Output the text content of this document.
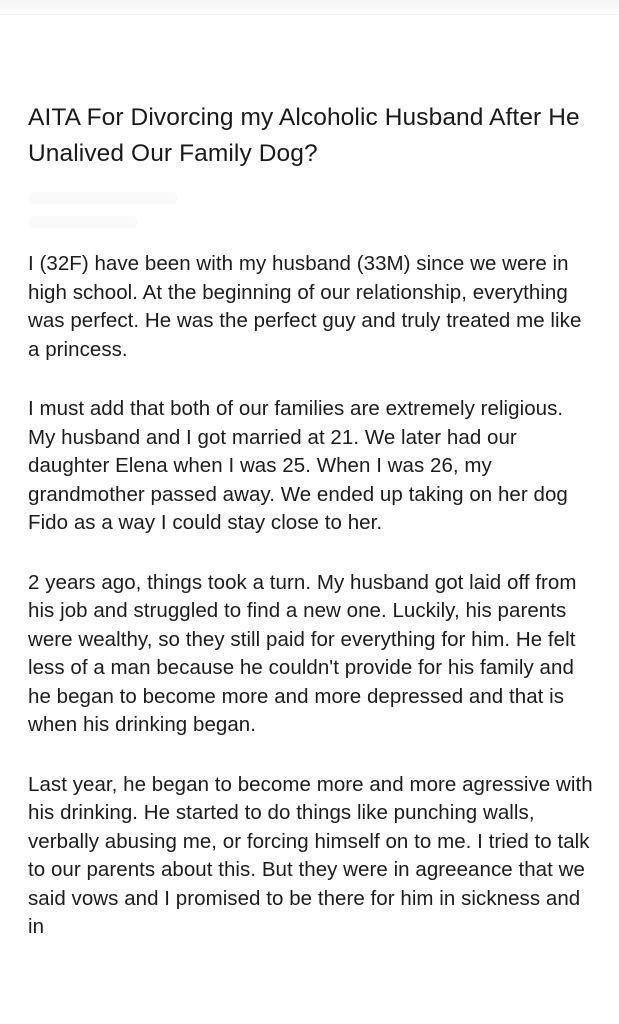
AITA For Divorcing my Alcoholic Husband After He Unalived Our Family Dog?

I (32F) have been with my husband (33M) since we were in high school. At the beginning of our relationship, everything was perfect. He was the perfect guy and truly treated me like a princess.

I must add that both of our families are extremely religious. My husband and I got married at 21. We later had our daughter Elena when I was 25. When I was 26, my grandmother passed away. We ended up taking on her dog Fido as a way I could stay close to her.

2 years ago, things took a turn. My husband got laid off from his job and struggled to find a new one. Luckily, his parents were wealthy, so they still paid for everything for him. He felt less of a man because he couldn't provide for his family and he began to become more and more depressed and that is when his drinking began.

Last year, he began to become more and more agressive with his drinking. He started to do things like punching walls, verbally abusing me, or forcing himself on to me. I tried to talk to our parents about this. But they were in agreeance that we said vows and I promised to be there for him in sickness and in
